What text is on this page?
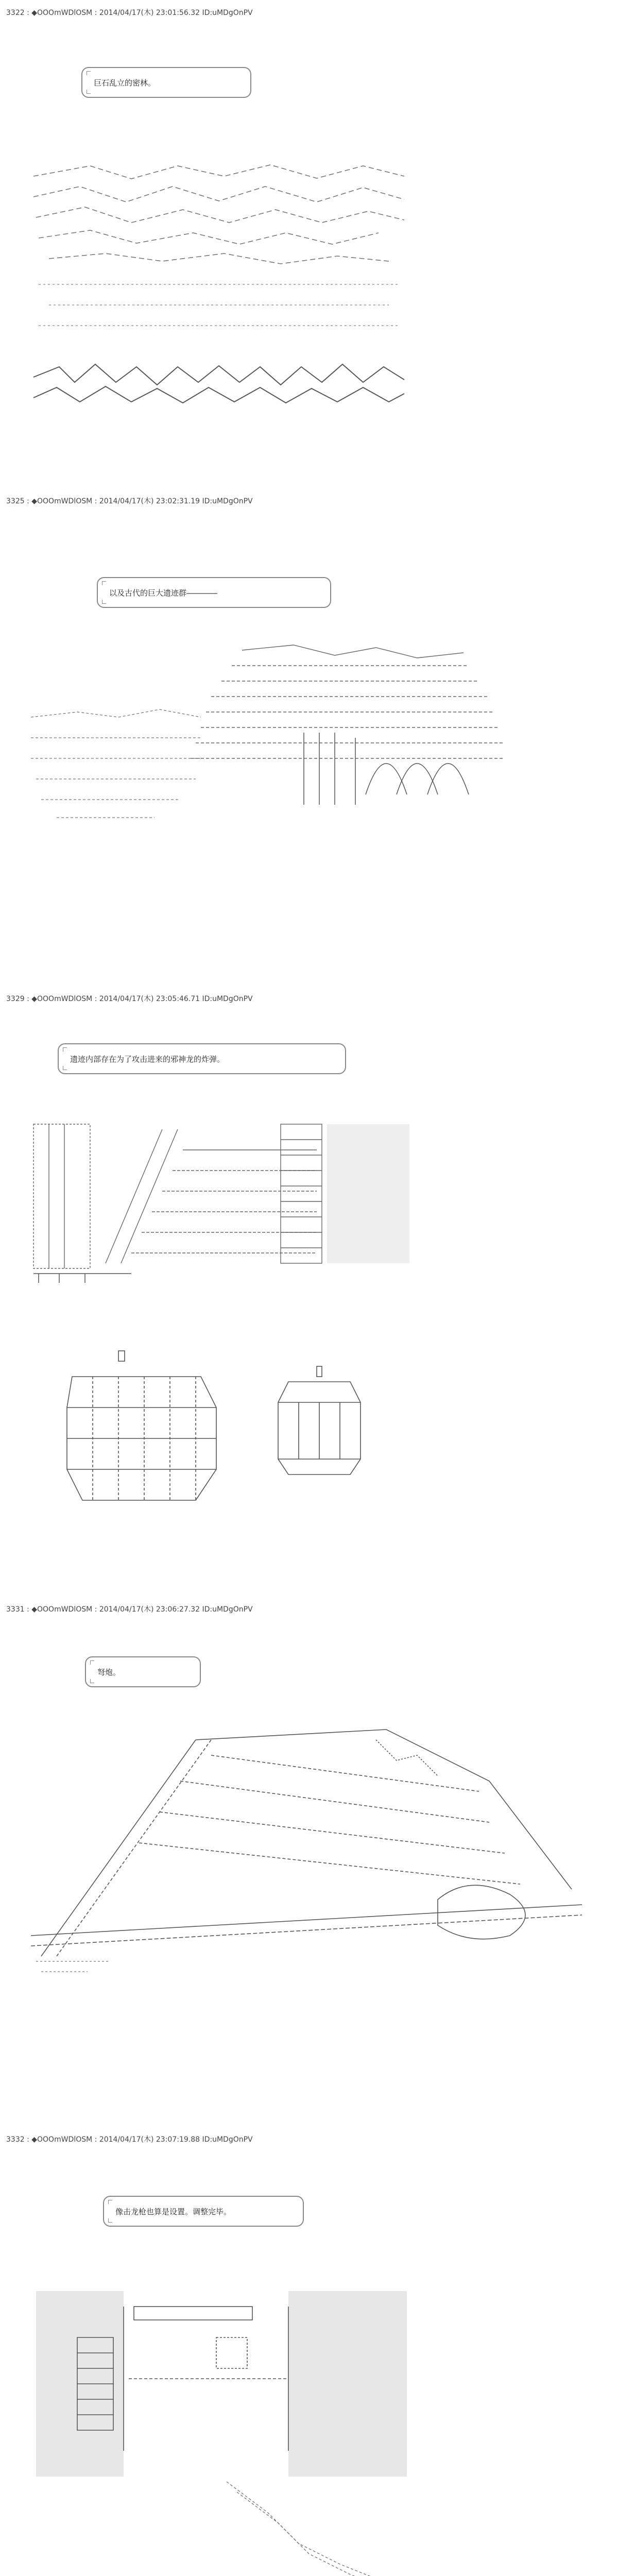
3322 : ◆OOOmWDlOSM : 2014/04/17(木) 23:01:56.32 ID:uMDgOnPV
巨石乱立的密林。

3325 : ◆OOOmWDlOSM : 2014/04/17(木) 23:02:31.19 ID:uMDgOnPV
以及古代的巨大遗迹群――――

3329 : ◆OOOmWDlOSM : 2014/04/17(木) 23:05:46.71 ID:uMDgOnPV
遗迹内部存在为了攻击进来的邪神龙的炸弹。

3331 : ◆OOOmWDlOSM : 2014/04/17(木) 23:06:27.32 ID:uMDgOnPV
弩炮。

3332 : ◆OOOmWDlOSM : 2014/04/17(木) 23:07:19.88 ID:uMDgOnPV
像击龙枪也算是设置。调整完毕。
